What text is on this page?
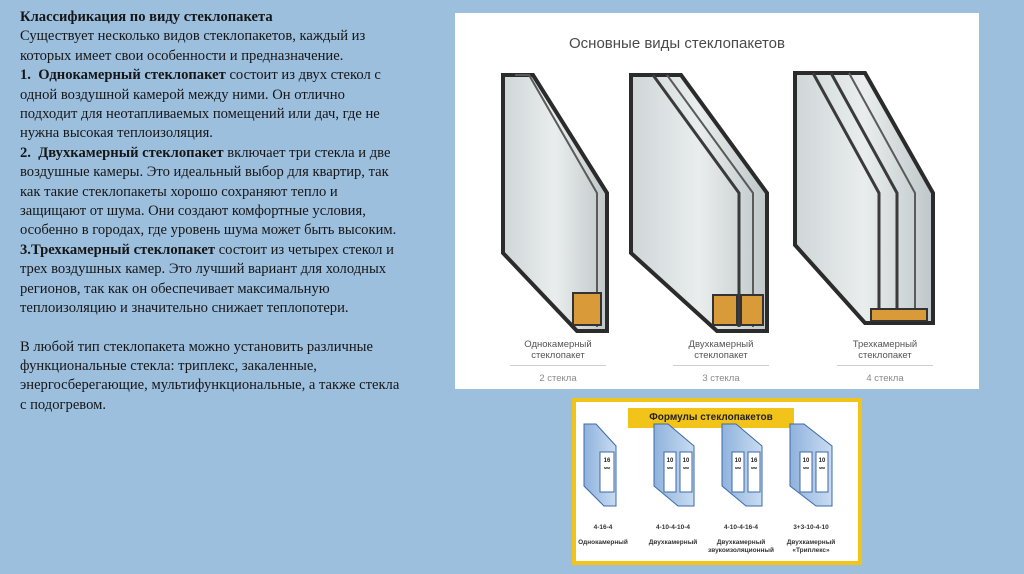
Классификация по виду стеклопакета

Существует несколько видов стеклопакетов, каждый из которых имеет свои особенности и предназначение.

1. Однокамерный стеклопакет состоит из двух стекол с одной воздушной камерой между ними. Он отлично подходит для неотапливаемых помещений или дач, где не нужна высокая теплоизоляция.

2. Двухкамерный стеклопакет включает три стекла и две воздушные камеры. Это идеальный выбор для квартир, так как такие стеклопакеты хорошо сохраняют тепло и защищают от шума. Они создают комфортные условия, особенно в городах, где уровень шума может быть высоким.

3.Трехкамерный стеклопакет состоит из четырех стекол и трех воздушных камер. Это лучший вариант для холодных регионов, так как он обеспечивает максимальную теплоизоляцию и значительно снижает теплопотери.

В любой тип стеклопакета можно установить различные функциональные стекла: триплекс, закаленные, энергосберегающие, мультифункциональные, а также стекла с подогревом.

Основные виды стеклопакетов
Однокамерный
стеклопакет
2 стекла
Двухкамерный
стеклопакет
3 стекла
Трехкамерный
стеклопакет
4 стекла
Формулы стеклопакетов
16
мм
10
мм
10
мм
10
мм
16
мм
10
мм
10
мм
4-16-4
Однокамерный
4-10-4-10-4
Двухкамерный
4-10-4-16-4
Двухкамерный
звукоизоляционный
3+3-10-4-10
Двухкамерный
«Триплекс»
